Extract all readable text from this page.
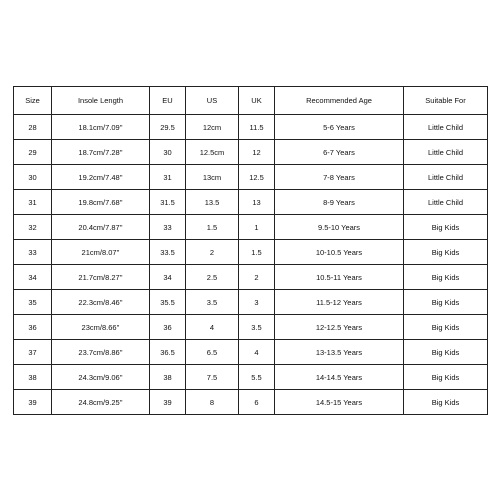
Size	Insole Length	EU	US	UK	Recommended Age	Suitable For
28	18.1cm/7.09''	29.5	12cm	11.5	5-6 Years	Little Child
29	18.7cm/7.28''	30	12.5cm	12	6-7 Years	Little Child
30	19.2cm/7.48''	31	13cm	12.5	7-8 Years	Little Child
31	19.8cm/7.68''	31.5	13.5	13	8-9 Years	Little Child
32	20.4cm/7.87''	33	1.5	1	9.5-10 Years	Big Kids
33	21cm/8.07''	33.5	2	1.5	10-10.5 Years	Big Kids
34	21.7cm/8.27''	34	2.5	2	10.5-11 Years	Big Kids
35	22.3cm/8.46''	35.5	3.5	3	11.5-12 Years	Big Kids
36	23cm/8.66''	36	4	3.5	12-12.5 Years	Big Kids
37	23.7cm/8.86''	36.5	6.5	4	13-13.5 Years	Big Kids
38	24.3cm/9.06''	38	7.5	5.5	14-14.5 Years	Big Kids
39	24.8cm/9.25''	39	8	6	14.5-15 Years	Big Kids
